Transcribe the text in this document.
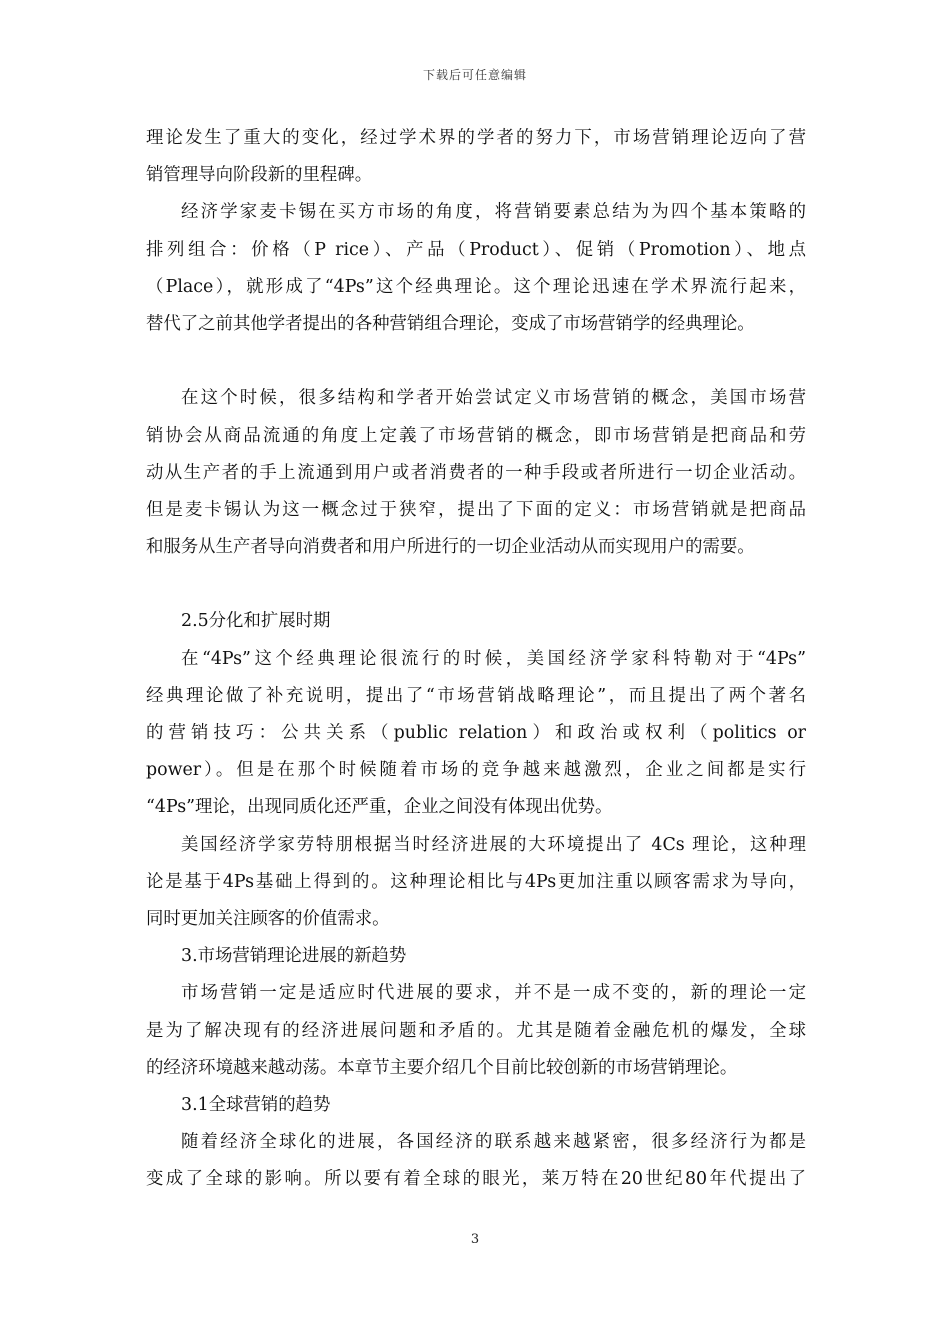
下载后可任意编辑
理论发生了重大的变化，经过学术界的学者的努力下，市场营销理论迈向了营
销管理导向阶段新的里程碑。
经济学家麦卡锡在买方市场的角度，将营销要素总结为为四个基本策略的
排列组合：价格（P rice）、产品（Product）、促销（Promotion）、地点
（Place），就形成了“4Ps”这个经典理论。这个理论迅速在学术界流行起来，
替代了之前其他学者提出的各种营销组合理论，变成了市场营销学的经典理论。
在这个时候，很多结构和学者开始尝试定义市场营销的概念，美国市场营
销协会从商品流通的角度上定義了市场营销的概念，即市场营销是把商品和劳
动从生产者的手上流通到用户或者消费者的一种手段或者所进行一切企业活动。
但是麦卡锡认为这一概念过于狭窄，提出了下面的定义：市场营销就是把商品
和服务从生产者导向消费者和用户所进行的一切企业活动从而实现用户的需要。
2.5分化和扩展时期
在“4Ps”这个经典理论很流行的时候，美国经济学家科特勒对于“4Ps”
经典理论做了补充说明，提出了“市场营销战略理论”，而且提出了两个著名
的营销技巧：公共关系（public relation）和政治或权利（politics or
power）。但是在那个时候随着市场的竞争越来越激烈，企业之间都是实行
“4Ps”理论，出现同质化还严重，企业之间没有体现出优势。
美国经济学家劳特朋根据当时经济进展的大环境提出了 4Cs 理论，这种理
论是基于4Ps基础上得到的。这种理论相比与4Ps更加注重以顾客需求为导向，
同时更加关注顾客的价值需求。
3.市场营销理论进展的新趋势
市场营销一定是适应时代进展的要求，并不是一成不变的，新的理论一定
是为了解决现有的经济进展问题和矛盾的。尤其是随着金融危机的爆发，全球
的经济环境越来越动荡。本章节主要介绍几个目前比较创新的市场营销理论。
3.1全球营销的趋势
随着经济全球化的进展，各国经济的联系越来越紧密，很多经济行为都是
变成了全球的影响。所以要有着全球的眼光，莱万特在20世纪80年代提出了
3
